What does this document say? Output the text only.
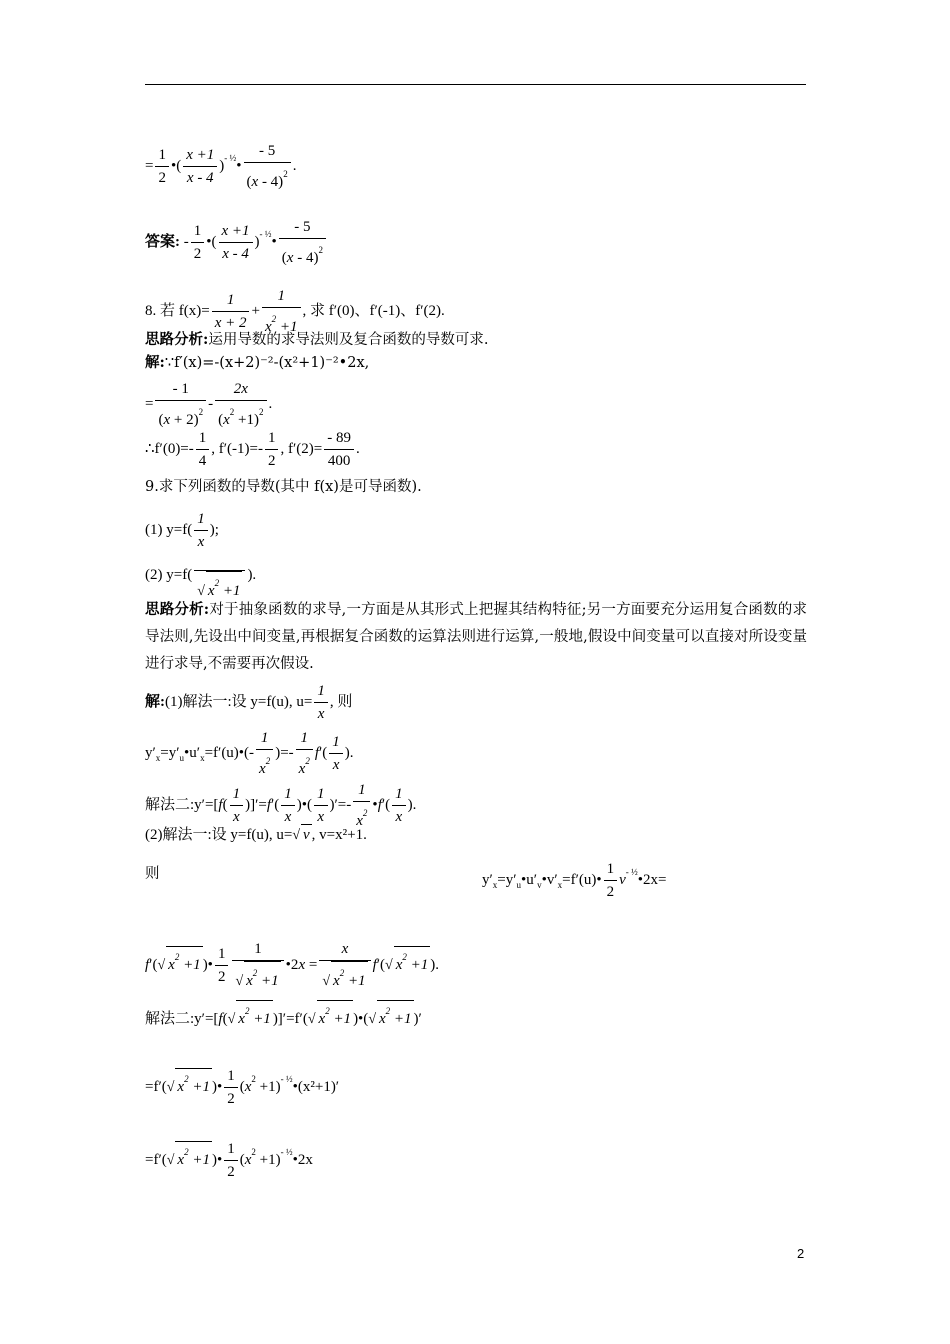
= $\frac{1}{2}$ •( $\frac{x +1}{x - 4}$ )$^{- \frac{1}{2}}$• $\frac{- 5}{(x - 4)^2}$ .
答案: - $\frac{1}{2}$ •( $\frac{x +1}{x - 4}$ )$^{- \frac{1}{2}}$• $\frac{- 5}{(x - 4)^2}$
8. 若 $f(x)= \frac{1}{x + 2} + \frac{1}{x^2 +1}$ , 求 f′(0)、f′(-1)、f′(2).
思路分析:运用导数的求导法则及复合函数的导数可求.
解:∵f′(x)=-(x+2)⁻²-(x²+1)⁻²•2x,
= $\frac{- 1}{(x + 2)^2} - \frac{2x}{(x^2 +1)^2}$ .
∴f′(0)=- $\frac{1}{4}$ , $f'(-1)=- \frac{1}{2}$ , $f'(2)= \frac{- 89}{400}$ .
9.求下列函数的导数(其中 f(x)是可导函数).
(1) $y=f( \frac{1}{x}$ );
(2) y=f(

√ $x^2 +1$
).
思路分析:对于抽象函数的求导,一方面是从其形式上把握其结构特征;另一方面要充分运用复合函数的求导法则,先设出中间变量,再根据复合函数的运算法则进行运算,一般地,假设中间变量可以直接对所设变量进行求导,不需要再次假设.
解:(1)解法一:设 y=f(u), $u= \frac{1}{x}$ , 则
$y'_x=y'_u•u'_x=f'(u)•(- \frac{1}{x^2}$ )=- $\frac{1}{x^2} f'( \frac{1}{x}$ ).
解法二:y′=[f( $\frac{1}{x} )]'=f'( \frac{1}{x}$ )•( $\frac{1}{x}$ )′=- $\frac{1}{x^2}$ •f′( $\frac{1}{x}$ ).
(2)解法一:设 y=f(u), u=√ v , v=x²+1.
则	$y'_x=y'_u•u'_v•v'_x=f'(u)• \frac{1}{2}$ $v^{- \frac{1}{2}}•2x=$
f′(√ $x^2 +1$ )• $\frac{1}{2} \frac{1}{√ x^2 +1}$ •2x = $\frac{x}{√ x^2 +1} f'(√$ $x^2 +1$ ).
解法二:y′=[f(√ $x^2 +1$ )]′=f′(√ $x^2 +1$ )•(√ $x^2 +1$ )′
=f′(√ $x^2 +1$ )• $\frac{1}{2} (x^2$ $+1)^{- \frac{1}{2}}•(x^2+1)'$
=f′(√ $x^2 +1$ )• $\frac{1}{2} (x^2$ $+1)^{- \frac{1}{2}}•2x$
2
